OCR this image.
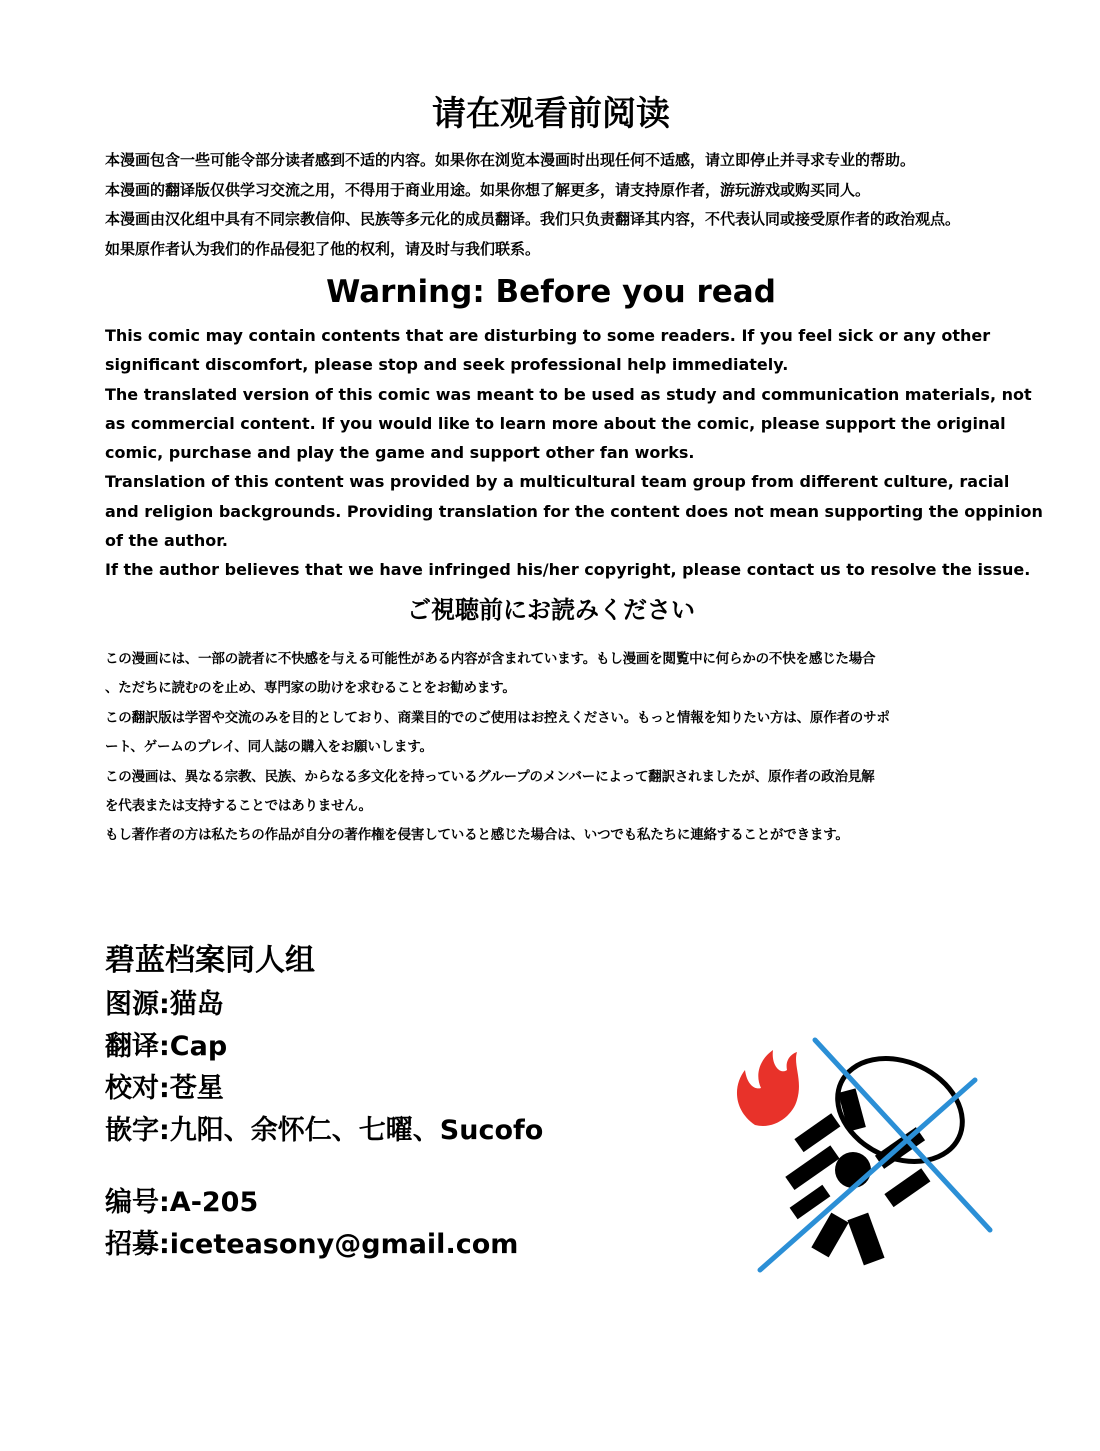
请在观看前阅读
本漫画包含一些可能令部分读者感到不适的内容。如果你在浏览本漫画时出现任何不适感，请立即停止并寻求专业的帮助。
本漫画的翻译版仅供学习交流之用，不得用于商业用途。如果你想了解更多，请支持原作者，游玩游戏或购买同人。
本漫画由汉化组中具有不同宗教信仰、民族等多元化的成员翻译。我们只负责翻译其内容，不代表认同或接受原作者的政治观点。
如果原作者认为我们的作品侵犯了他的权利，请及时与我们联系。
Warning: Before you read
This comic may contain contents that are disturbing to some readers. If you feel sick or any other
significant discomfort, please stop and seek professional help immediately.
The translated version of this comic was meant to be used as study and communication materials, not
as commercial content. If you would like to learn more about the comic, please support the original
comic, purchase and play the game and support other fan works.
Translation of this content was provided by a multicultural team group from different culture, racial
and religion backgrounds. Providing translation for the content does not mean supporting the oppinion
of the author.
If the author believes that we have infringed his/her copyright, please contact us to resolve the issue.
ご視聴前にお読みください
この漫画には、一部の読者に不快感を与える可能性がある内容が含まれています。もし漫画を閲覧中に何らかの不快を感じた場合
、ただちに読むのを止め、専門家の助けを求むることをお勧めます。
この翻訳版は学習や交流のみを目的としており、商業目的でのご使用はお控えください。もっと情報を知りたい方は、原作者のサポ
ート、ゲームのプレイ、同人誌の購入をお願いします。
この漫画は、異なる宗教、民族、からなる多文化を持っているグループのメンバーによって翻訳されましたが、原作者の政治見解
を代表または支持することではありません。
もし著作者の方は私たちの作品が自分の著作権を侵害していると感じた場合は、いつでも私たちに連絡することができます。
碧蓝档案同人组
图源:猫岛
翻译:Cap
校对:苍星
嵌字:九阳、余怀仁、七曜、Sucofo
编号:A-205
招募:iceteasony@gmail.com
